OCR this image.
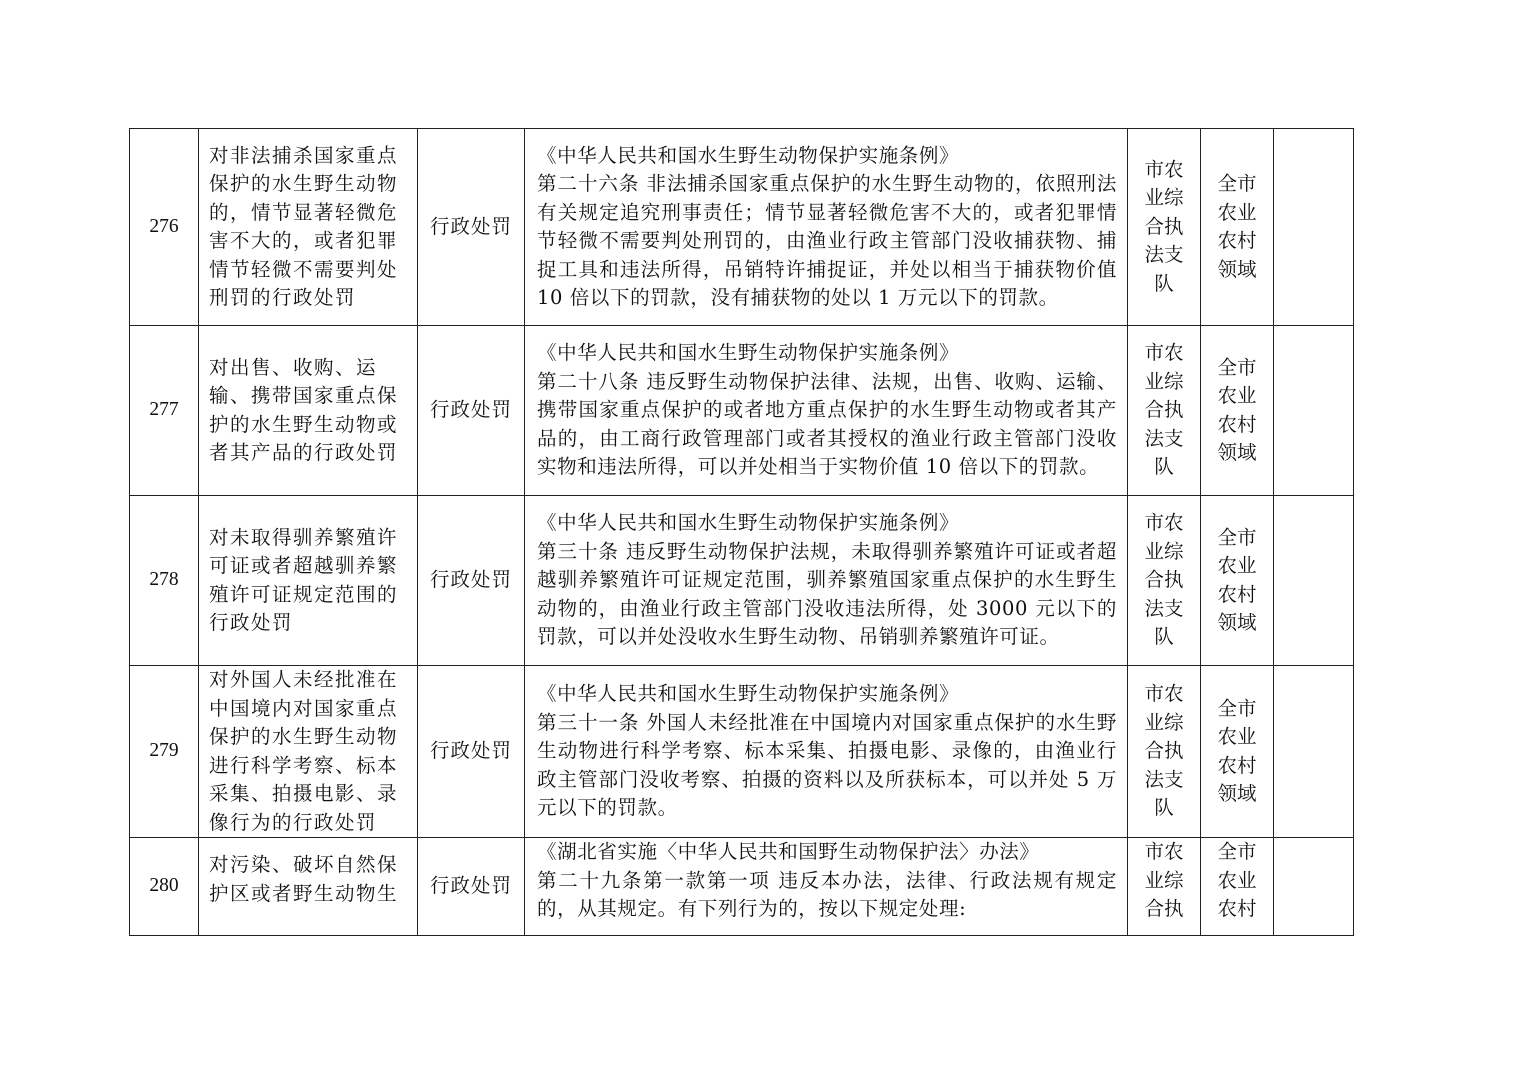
276	对非法捕杀国家重点保护的水生野生动物的，情节显著轻微危害不大的，或者犯罪情节轻微不需要判处刑罚的行政处罚	行政处罚	《中华人民共和国水生野生动物保护实施条例》
第二十六条 非法捕杀国家重点保护的水生野生动物的，依照刑法有关规定追究刑事责任；情节显著轻微危害不大的，或者犯罪情节轻微不需要判处刑罚的，由渔业行政主管部门没收捕获物、捕捉工具和违法所得，吊销特许捕捉证，并处以相当于捕获物价值 10 倍以下的罚款，没有捕获物的处以 1 万元以下的罚款。	市农业综合执法支队	全市农业农村领域	
277	对出售、收购、运输、携带国家重点保护的水生野生动物或者其产品的行政处罚	行政处罚	《中华人民共和国水生野生动物保护实施条例》
第二十八条 违反野生动物保护法律、法规，出售、收购、运输、携带国家重点保护的或者地方重点保护的水生野生动物或者其产品的，由工商行政管理部门或者其授权的渔业行政主管部门没收实物和违法所得，可以并处相当于实物价值 10 倍以下的罚款。	市农业综合执法支队	全市农业农村领域	
278	对未取得驯养繁殖许可证或者超越驯养繁殖许可证规定范围的行政处罚	行政处罚	《中华人民共和国水生野生动物保护实施条例》
第三十条 违反野生动物保护法规，未取得驯养繁殖许可证或者超越驯养繁殖许可证规定范围，驯养繁殖国家重点保护的水生野生动物的，由渔业行政主管部门没收违法所得，处 3000 元以下的罚款，可以并处没收水生野生动物、吊销驯养繁殖许可证。	市农业综合执法支队	全市农业农村领域	
279	对外国人未经批准在中国境内对国家重点保护的水生野生动物进行科学考察、标本采集、拍摄电影、录像行为的行政处罚	行政处罚	《中华人民共和国水生野生动物保护实施条例》
第三十一条 外国人未经批准在中国境内对国家重点保护的水生野生动物进行科学考察、标本采集、拍摄电影、录像的，由渔业行政主管部门没收考察、拍摄的资料以及所获标本，可以并处 5 万元以下的罚款。	市农业综合执法支队	全市农业农村领域	
280	对污染、破坏自然保护区或者野生动物生	行政处罚	《湖北省实施〈中华人民共和国野生动物保护法〉办法》
第二十九条第一款第一项 违反本办法，法律、行政法规有规定的，从其规定。有下列行为的，按以下规定处理:	市农业综合执	全市农业农村	
